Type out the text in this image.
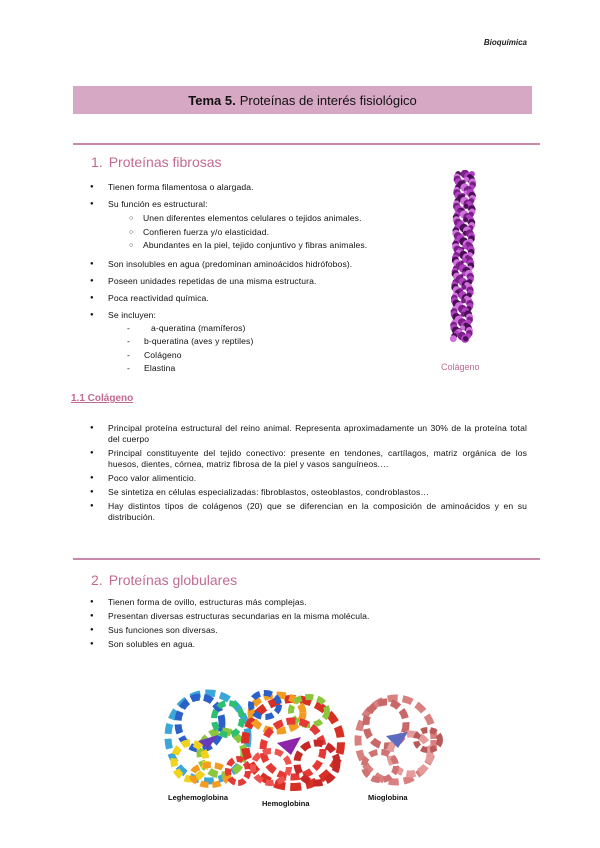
Bioquímica
Tema 5. Proteínas de interés fisiológico
1. Proteínas fibrosas
● Tienen forma filamentosa o alargada.
● Su función es estructural:
○ Unen diferentes elementos celulares o tejidos animales.
○ Confieren fuerza y/o elasticidad.
○ Abundantes en la piel, tejido conjuntivo y fibras animales.
● Son insolubles en agua (predominan aminoácidos hidrófobos).
● Poseen unidades repetidas de una misma estructura.
● Poca reactividad química.
● Se incluyen:
- a-queratina (mamíferos)
- b-queratina (aves y reptiles)
- Colágeno
- Elastina	Colágeno
1.1 Colágeno
● Principal proteína estructural del reino animal. Representa aproximadamente un 30% de la proteína total del cuerpo
● Principal constituyente del tejido conectivo: presente en tendones, cartílagos, matriz orgánica de los huesos, dientes, córnea, matriz fibrosa de la piel y vasos sanguíneos.…
● Poco valor alimenticio.
● Se sintetiza en células especializadas: fibroblastos, osteoblastos, condroblastos…
● Hay distintos tipos de colágenos (20) que se diferencian en la composición de aminoácidos y en su distribución.
2. Proteínas globulares
● Tienen forma de ovillo, estructuras más complejas.
● Presentan diversas estructuras secundarias en la misma molécula.
● Sus funciones son diversas.
● Son solubles en agua.
Leghemoglobina
Hemoglobina
Mioglobina
